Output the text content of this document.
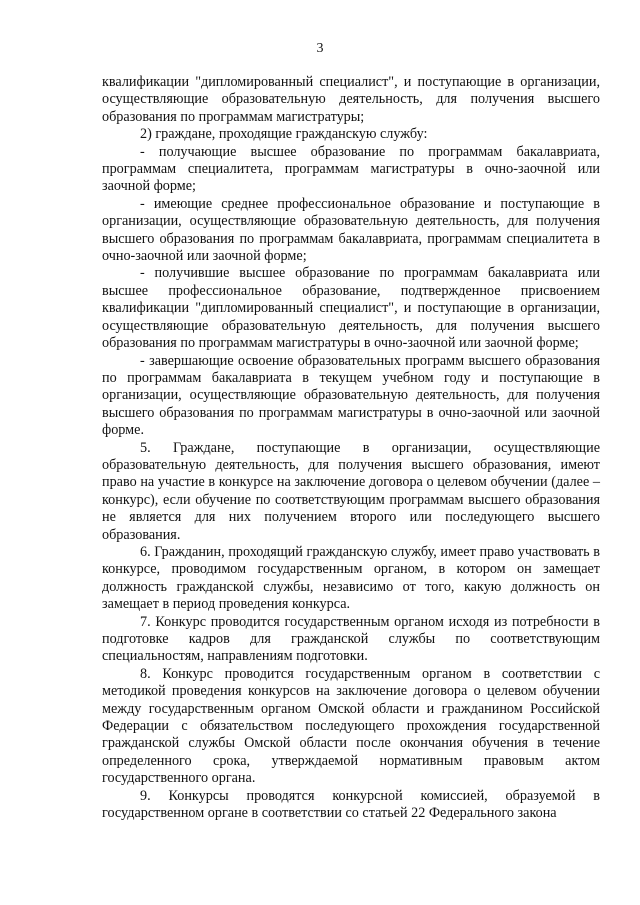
3

квалификации "дипломированный специалист", и поступающие в организации, осуществляющие образовательную деятельность, для получения высшего образования по программам магистратуры;

2) граждане, проходящие гражданскую службу:

- получающие высшее образование по программам бакалавриата, программам специалитета, программам магистратуры в очно-заочной или заочной форме;

- имеющие среднее профессиональное образование и поступающие в организации, осуществляющие образовательную деятельность, для получения высшего образования по программам бакалавриата, программам специалитета в очно-заочной или заочной форме;

- получившие высшее образование по программам бакалавриата или высшее профессиональное образование, подтвержденное присвоением квалификации "дипломированный специалист", и поступающие в организации, осуществляющие образовательную деятельность, для получения высшего образования по программам магистратуры в очно-заочной или заочной форме;

- завершающие освоение образовательных программ высшего образования по программам бакалавриата в текущем учебном году и поступающие в организации, осуществляющие образовательную деятельность, для получения высшего образования по программам магистратуры в очно-заочной или заочной форме.

5. Граждане, поступающие в организации, осуществляющие образовательную деятельность, для получения высшего образования, имеют право на участие в конкурсе на заключение договора о целевом обучении (далее – конкурс), если обучение по соответствующим программам высшего образования не является для них получением второго или последующего высшего образования.

6. Гражданин, проходящий гражданскую службу, имеет право участвовать в конкурсе, проводимом государственным органом, в котором он замещает должность гражданской службы, независимо от того, какую должность он замещает в период проведения конкурса.

7. Конкурс проводится государственным органом исходя из потребности в подготовке кадров для гражданской службы по соответствующим специальностям, направлениям подготовки.

8. Конкурс проводится государственным органом в соответствии с методикой проведения конкурсов на заключение договора о целевом обучении между государственным органом Омской области и гражданином Российской Федерации с обязательством последующего прохождения государственной гражданской службы Омской области после окончания обучения в течение определенного срока, утверждаемой нормативным правовым актом государственного органа.

9. Конкурсы проводятся конкурсной комиссией, образуемой в государственном органе в соответствии со статьей 22 Федерального закона
